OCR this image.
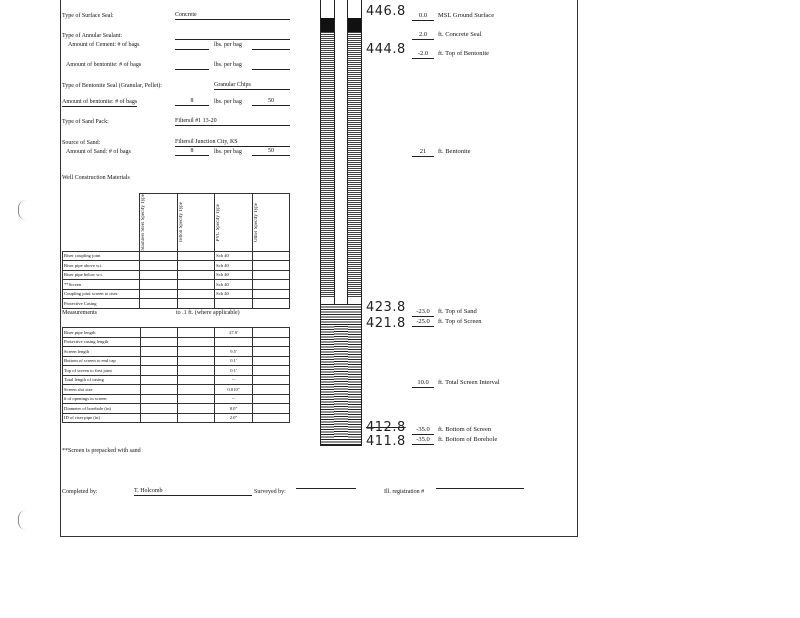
Type of Surface Seal:	Concrete
Type of Annular Sealant:
Amount of Cement: # of bags	lbs. per bag
Amount of bentonite: # of bags	lbs. per bag
Type of Bentonite Seal (Granular, Pellet):	Granular Chips
Amount of bentonite: # of bags	8	lbs. per bag	50
Type of Sand Pack:	Filtersil #1 13-20
Source of Sand:	Filtersil Junction City, KS
Amount of Sand: # of bags	8	lbs. per bag	50
Well Construction Materials

	Stainless Steel Specify Type	Teflon Specify Type	PVC Specify Type	Other Specify Type

Riser coupling joint			Sch 40	
Riser pipe above w.t.			Sch 40	
Riser pipe below w.t.			Sch 40	
**Screen			Sch 40	
Coupling joint screen to riser			Sch 40	
Protective Casing				
Measurements	to .1 ft. (where applicable)
Riser pipe length			27.0'	
Protective casing length				
Screen length			9.5'	
Bottom of screen to end cap			0.1'	
Top of screen to first joint			0.1'	
Total length of casing			--	
Screen slot size			0.010"	
# of openings in screen			--	
Diameter of borehole (in)			8.0"	
ID of riser pipe (in)			2.0"	
**Screen is prepacked with sand
Completed by:	T. Holcomb	Surveyed by:	Ill. registration #
446.8
444.8
423.8
421.8
412.8
411.8
0.0	MSL Ground Surface
2.0	ft. Concrete Seal
-2.0	ft. Top of Bentonite
21	ft. Bentonite
-23.0	ft. Top of Sand
-25.0	ft. Top of Screen
10.0	ft. Total Screen Interval
-35.0	ft. Bottom of Screen
-35.0	ft. Bottom of Borehole
